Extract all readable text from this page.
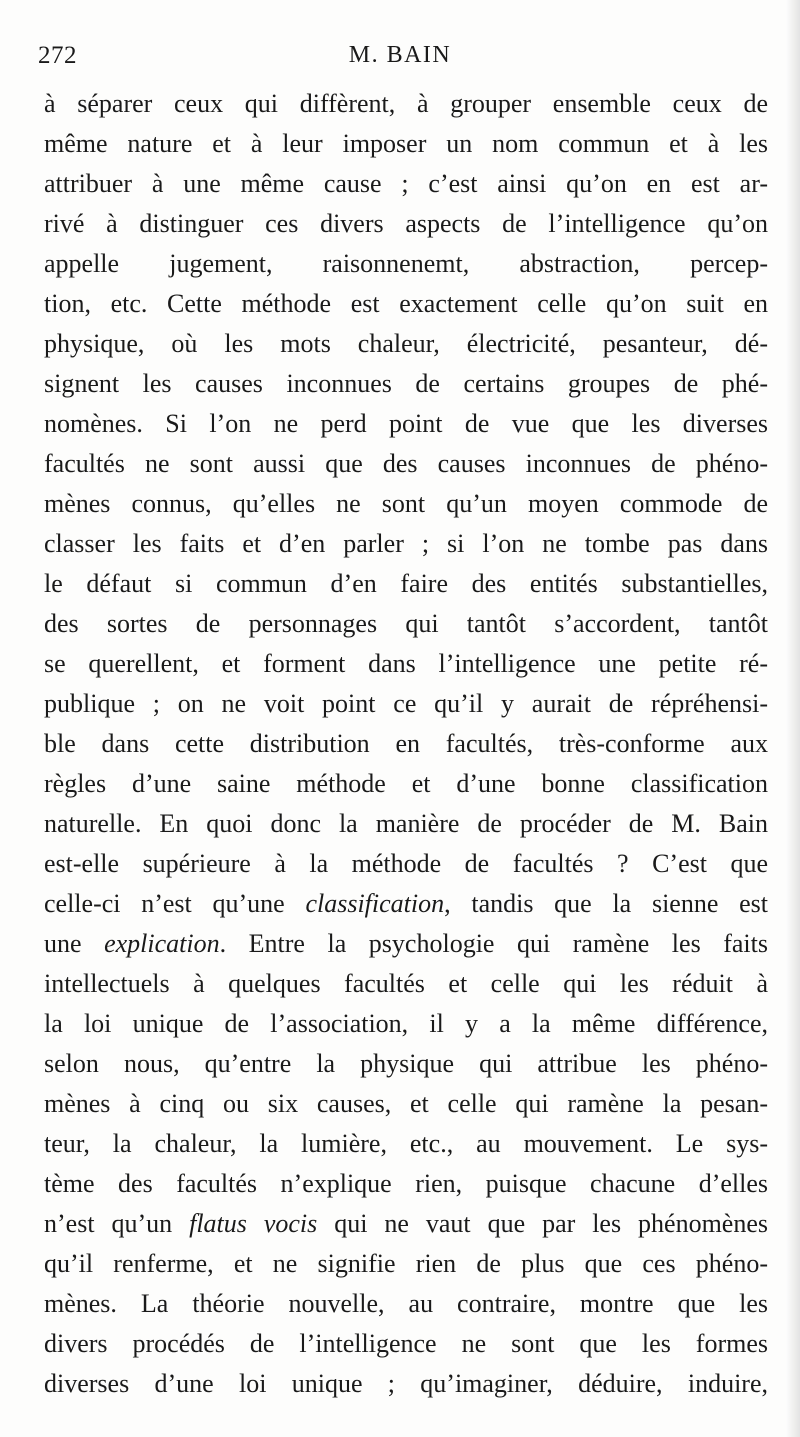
272	M. BAIN
à séparer ceux qui diffèrent, à grouper ensemble ceux de
même nature et à leur imposer un nom commun et à les
attribuer à une même cause ; c’est ainsi qu’on en est ar-
rivé à distinguer ces divers aspects de l’intelligence qu’on
appelle jugement, raisonnenemt, abstraction, percep-
tion, etc. Cette méthode est exactement celle qu’on suit en
physique, où les mots chaleur, électricité, pesanteur, dé-
signent les causes inconnues de certains groupes de phé-
nomènes. Si l’on ne perd point de vue que les diverses
facultés ne sont aussi que des causes inconnues de phéno-
mènes connus, qu’elles ne sont qu’un moyen commode de
classer les faits et d’en parler ; si l’on ne tombe pas dans
le défaut si commun d’en faire des entités substantielles,
des sortes de personnages qui tantôt s’accordent, tantôt
se querellent, et forment dans l’intelligence une petite ré-
publique ; on ne voit point ce qu’il y aurait de répréhensi-
ble dans cette distribution en facultés, très-conforme aux
règles d’une saine méthode et d’une bonne classification
naturelle. En quoi donc la manière de procéder de M. Bain
est-elle supérieure à la méthode de facultés ? C’est que
celle-ci n’est qu’une classification, tandis que la sienne est
une explication. Entre la psychologie qui ramène les faits
intellectuels à quelques facultés et celle qui les réduit à
la loi unique de l’association, il y a la même différence,
selon nous, qu’entre la physique qui attribue les phéno-
mènes à cinq ou six causes, et celle qui ramène la pesan-
teur, la chaleur, la lumière, etc., au mouvement. Le sys-
tème des facultés n’explique rien, puisque chacune d’elles
n’est qu’un flatus vocis qui ne vaut que par les phénomènes
qu’il renferme, et ne signifie rien de plus que ces phéno-
mènes. La théorie nouvelle, au contraire, montre que les
divers procédés de l’intelligence ne sont que les formes
diverses d’une loi unique ; qu’imaginer, déduire, induire,
